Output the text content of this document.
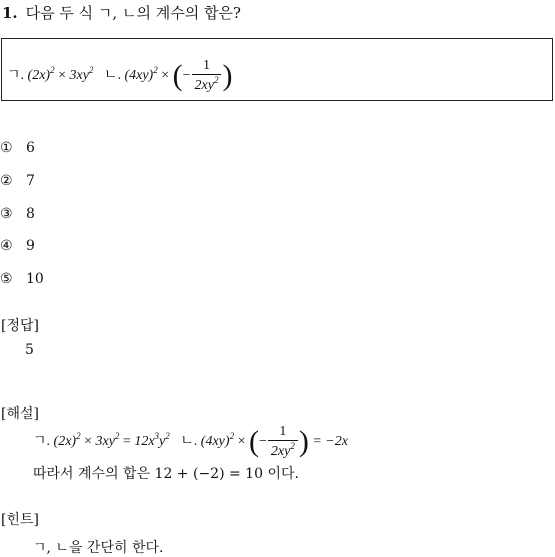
1. 다음 두 식 ㄱ, ㄴ의 계수의 합은?
ㄱ. $(2x)^2 \times 3xy^2$ ㄴ. $(4xy)^2$ × (− $\frac{1}{2xy^2}$ )
① 6
② 7
③ 8
④ 9
⑤ 10
[정답]
5
[해설]
ㄱ. $(2x)^2 \times 3xy^2 = 12x^3y^2$ ㄴ. $(4xy)^2$ × (− $\frac{1}{2xy^2}$ ) = −2x
따라서 계수의 합은 12 + (−2) = 10 이다.
[힌트]
ㄱ, ㄴ을 간단히 한다.
